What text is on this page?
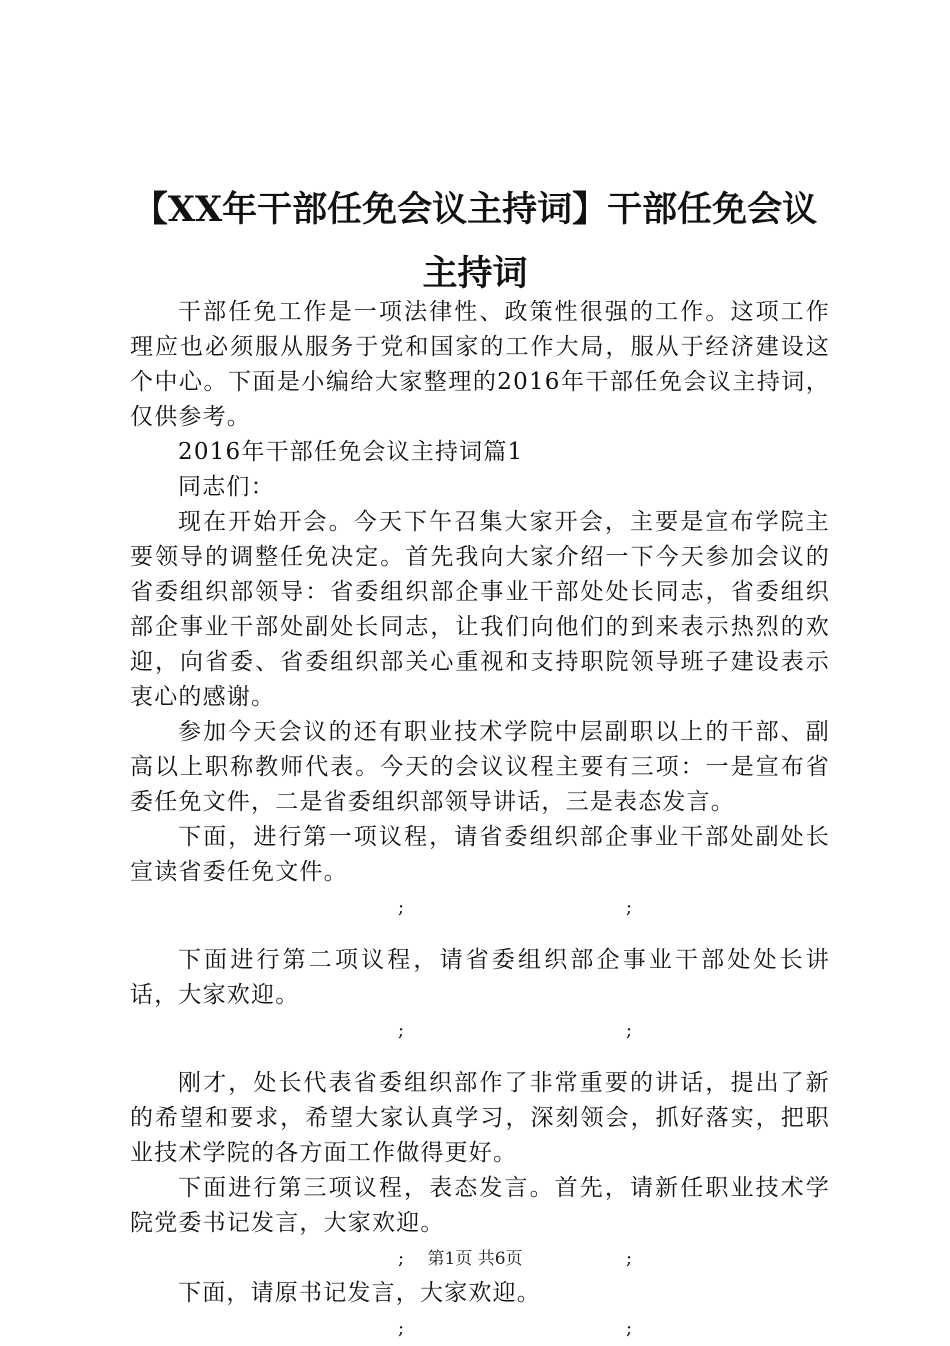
【XX年干部任免会议主持词】干部任免会议
主持词

干部任免工作是一项法律性、政策性很强的工作。这项工作理应也必须服从服务于党和国家的工作大局，服从于经济建设这个中心。下面是小编给大家整理的2016年干部任免会议主持词，仅供参考。

2016年干部任免会议主持词篇1

同志们：

现在开始开会。今天下午召集大家开会，主要是宣布学院主要领导的调整任免决定。首先我向大家介绍一下今天参加会议的省委组织部领导：省委组织部企事业干部处处长同志，省委组织部企事业干部处副处长同志，让我们向他们的到来表示热烈的欢迎，向省委、省委组织部关心重视和支持职院领导班子建设表示衷心的感谢。

参加今天会议的还有职业技术学院中层副职以上的干部、副高以上职称教师代表。今天的会议议程主要有三项：一是宣布省委任免文件，二是省委组织部领导讲话，三是表态发言。

下面，进行第一项议程，请省委组织部企事业干部处副处长宣读省委任免文件。

;	;

下面进行第二项议程，请省委组织部企事业干部处处长讲话，大家欢迎。

;	;

刚才，处长代表省委组织部作了非常重要的讲话，提出了新的希望和要求，希望大家认真学习，深刻领会，抓好落实，把职业技术学院的各方面工作做得更好。

下面进行第三项议程，表态发言。首先，请新任职业技术学院党委书记发言，大家欢迎。

;	;

下面，请原书记发言，大家欢迎。

;	;
第1页 共6页
